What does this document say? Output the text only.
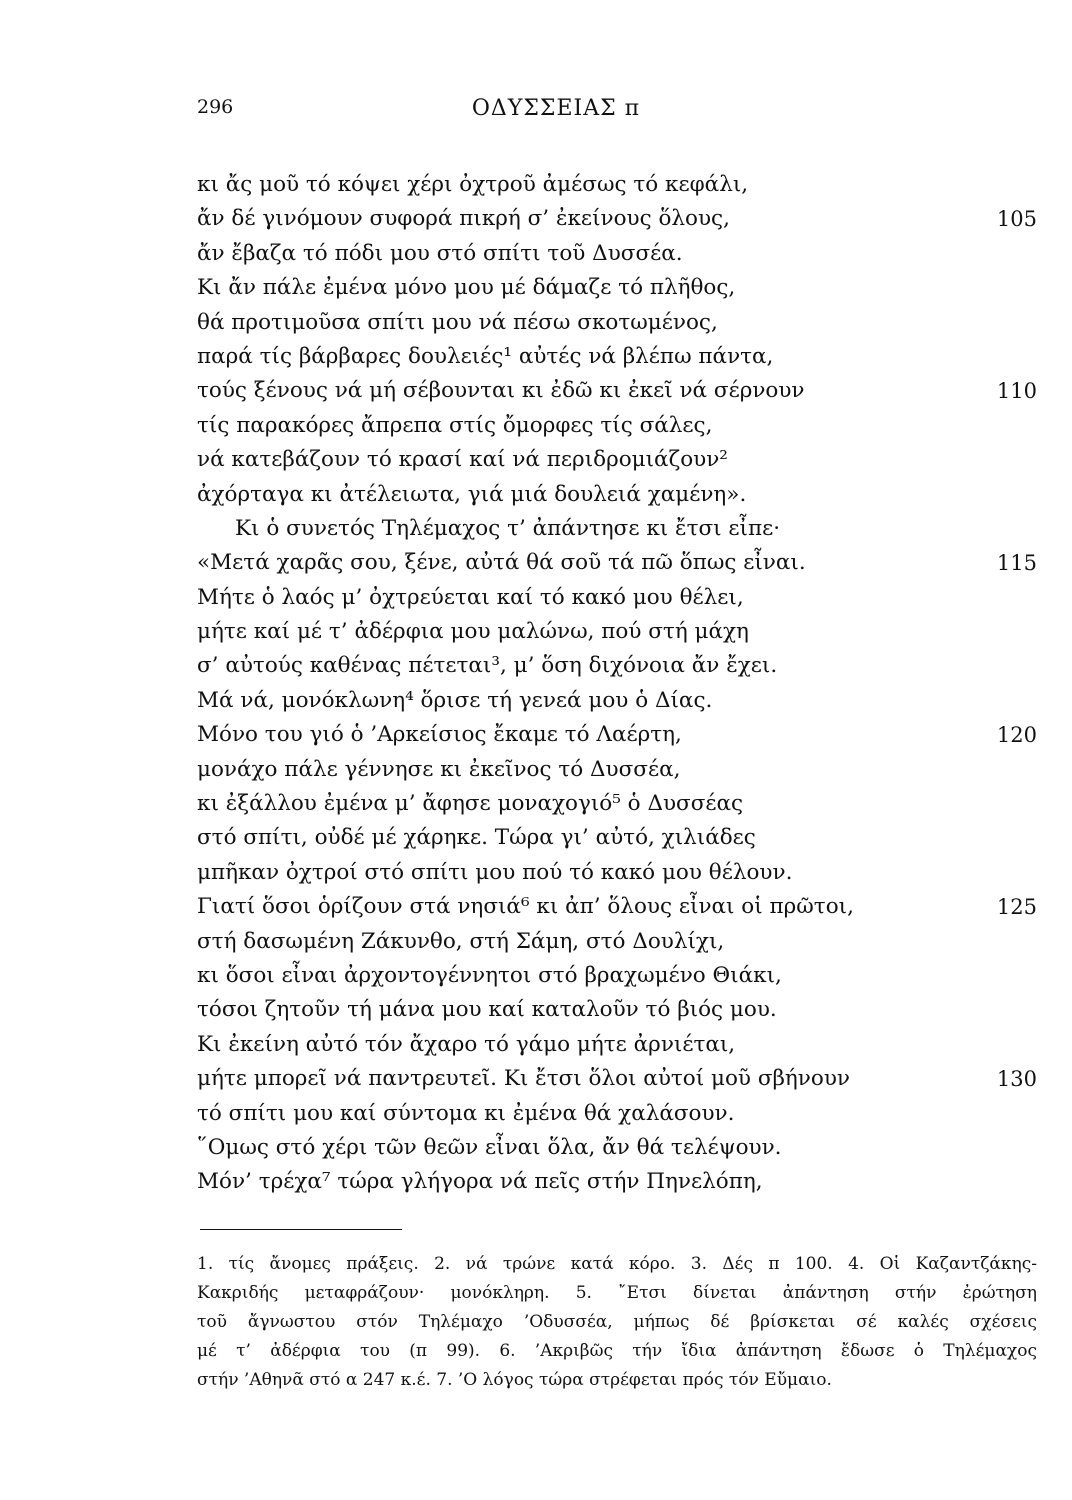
296	ΟΔΥΣΣΕΙΑΣ π
κι ἄς μοῦ τό κόψει χέρι ὀχτροῦ ἀμέσως τό κεφάλι,
ἄν δέ γινόμουν συφορά πικρή σ’ ἐκείνους ὅλους,	105
ἄν ἔβαζα τό πόδι μου στό σπίτι τοῦ Δυσσέα.
Κι ἄν πάλε ἐμένα μόνο μου μέ δάμαζε τό πλῆθος,
θά προτιμοῦσα σπίτι μου νά πέσω σκοτωμένος,
παρά τίς βάρβαρες δουλειές¹ αὐτές νά βλέπω πάντα,
τούς ξένους νά μή σέβουνται κι ἐδῶ κι ἐκεῖ νά σέρνουν	110
τίς παρακόρες ἄπρεπα στίς ὄμορφες τίς σάλες,
νά κατεβάζουν τό κρασί καί νά περιδρομιάζουν²
ἀχόρταγα κι ἀτέλειωτα, γιά μιά δουλειά χαμένη».
Κι ὁ συνετός Τηλέμαχος τ’ ἀπάντησε κι ἔτσι εἶπε·
«Μετά χαρᾶς σου, ξένε, αὐτά θά σοῦ τά πῶ ὅπως εἶναι.	115
Μήτε ὁ λαός μ’ ὀχτρεύεται καί τό κακό μου θέλει,
μήτε καί μέ τ’ ἀδέρφια μου μαλώνω, πού στή μάχη
σ’ αὐτούς καθένας πέτεται³, μ’ ὅση διχόνοια ἄν ἔχει.
Μά νά, μονόκλωνη⁴ ὅρισε τή γενεά μου ὁ Δίας.
Μόνο του γιό ὁ ’Αρκείσιος ἔκαμε τό Λαέρτη,	120
μονάχο πάλε γέννησε κι ἐκεῖνος τό Δυσσέα,
κι ἐξάλλου ἐμένα μ’ ἄφησε μοναχογιό⁵ ὁ Δυσσέας
στό σπίτι, οὐδέ μέ χάρηκε. Τώρα γι’ αὐτό, χιλιάδες
μπῆκαν ὀχτροί στό σπίτι μου πού τό κακό μου θέλουν.
Γιατί ὅσοι ὁρίζουν στά νησιά⁶ κι ἀπ’ ὅλους εἶναι οἱ πρῶτοι,	125
στή δασωμένη Ζάκυνθο, στή Σάμη, στό Δουλίχι,
κι ὅσοι εἶναι ἀρχοντογέννητοι στό βραχωμένο Θιάκι,
τόσοι ζητοῦν τή μάνα μου καί καταλοῦν τό βιός μου.
Κι ἐκείνη αὐτό τόν ἄχαρο τό γάμο μήτε ἀρνιέται,
μήτε μπορεῖ νά παντρευτεῖ. Κι ἔτσι ὅλοι αὐτοί μοῦ σβήνουν	130
τό σπίτι μου καί σύντομα κι ἐμένα θά χαλάσουν.
῞Ομως στό χέρι τῶν θεῶν εἶναι ὅλα, ἄν θά τελέψουν.
Μόν’ τρέχα⁷ τώρα γλήγορα νά πεῖς στήν Πηνελόπη,
1. τίς ἄνομες πράξεις. 2. νά τρώνε κατά κόρο. 3. Δές π 100. 4. Οἱ Καζαντζάκης-
Κακριδής μεταφράζουν· μονόκληρη. 5. ῎Ετσι δίνεται ἀπάντηση στήν ἐρώτηση
τοῦ ἄγνωστου στόν Τηλέμαχο ’Οδυσσέα, μήπως δέ βρίσκεται σέ καλές σχέσεις
μέ τ’ ἀδέρφια του (π 99). 6. ’Ακριβῶς τήν ἴδια ἀπάντηση ἔδωσε ὁ Τηλέμαχος
στήν ’Αθηνᾶ στό α 247 κ.έ. 7. ’Ο λόγος τώρα στρέφεται πρός τόν Εὔμαιο.
